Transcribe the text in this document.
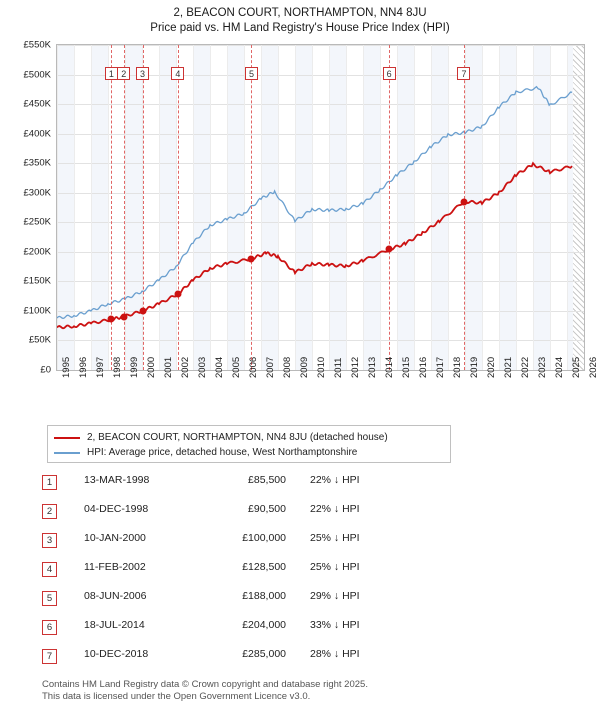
2, BEACON COURT, NORTHAMPTON, NN4 8JU
Price paid vs. HM Land Registry's House Price Index (HPI)
1 2	3	4	5	6	7
£0
£50K
£100K
£150K
£200K
£250K
£300K
£350K
£400K
£450K
£500K
£550K
1995 1996 1997 1998 1999 2000 2001 2002 2003 2004 2005 2006 2007 2008 2009 2010 2011 2012 2013 2014 2015 2016 2017 2018 2019 2020 2021 2022 2023 2024 2025 2026
2, BEACON COURT, NORTHAMPTON, NN4 8JU (detached house)
HPI: Average price, detached house, West Northamptonshire
1	13-MAR-1998	£85,500 22% ↓ HPI
2	04-DEC-1998	£90,500 22% ↓ HPI
3	10-JAN-2000	£100,000 25% ↓ HPI
4	11-FEB-2002	£128,500 25% ↓ HPI
5	08-JUN-2006	£188,000 29% ↓ HPI
6	18-JUL-2014	£204,000 33% ↓ HPI
7	10-DEC-2018	£285,000 28% ↓ HPI
Contains HM Land Registry data © Crown copyright and database right 2025.
This data is licensed under the Open Government Licence v3.0.
